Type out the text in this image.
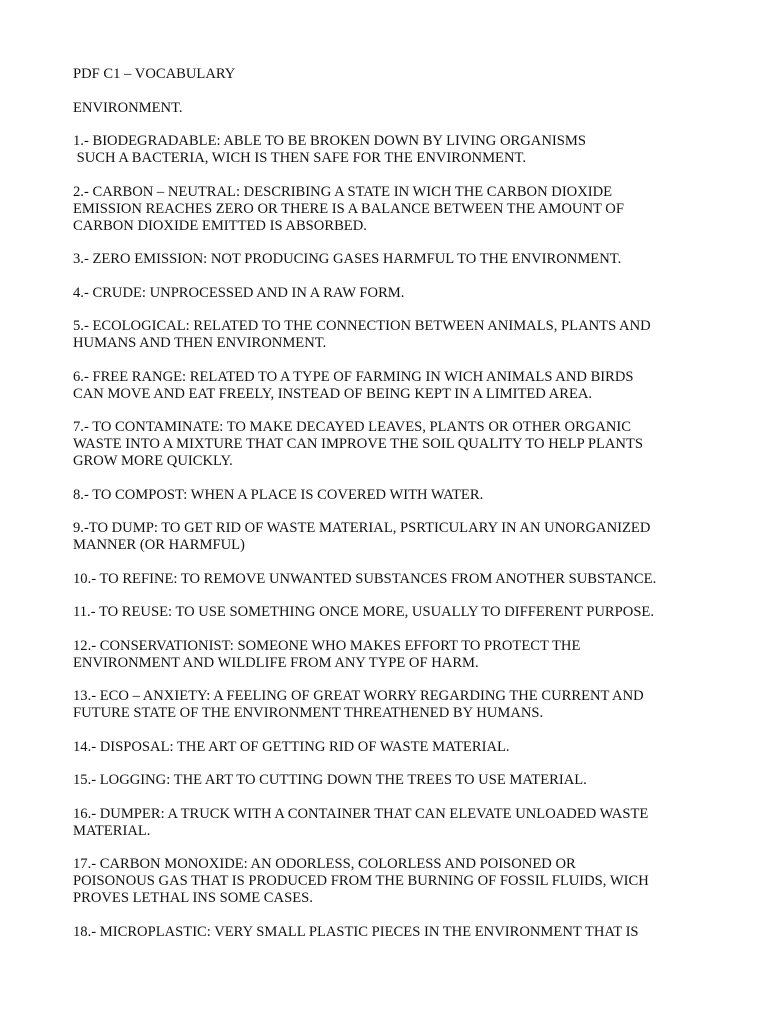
PDF C1 – VOCABULARY
ENVIRONMENT.
1.- BIODEGRADABLE: ABLE TO BE BROKEN DOWN BY LIVING ORGANISMS
SUCH A BACTERIA, WICH IS THEN SAFE FOR THE ENVIRONMENT.
2.- CARBON – NEUTRAL: DESCRIBING A STATE IN WICH THE CARBON DIOXIDE
EMISSION REACHES ZERO OR THERE IS A BALANCE BETWEEN THE AMOUNT OF
CARBON DIOXIDE EMITTED IS ABSORBED.
3.- ZERO EMISSION: NOT PRODUCING GASES HARMFUL TO THE ENVIRONMENT.
4.- CRUDE: UNPROCESSED AND IN A RAW FORM.
5.- ECOLOGICAL: RELATED TO THE CONNECTION BETWEEN ANIMALS, PLANTS AND
HUMANS AND THEN ENVIRONMENT.
6.- FREE RANGE: RELATED TO A TYPE OF FARMING IN WICH ANIMALS AND BIRDS
CAN MOVE AND EAT FREELY, INSTEAD OF BEING KEPT IN A LIMITED AREA.
7.- TO CONTAMINATE: TO MAKE DECAYED LEAVES, PLANTS OR OTHER ORGANIC
WASTE INTO A MIXTURE THAT CAN IMPROVE THE SOIL QUALITY TO HELP PLANTS
GROW MORE QUICKLY.
8.- TO COMPOST: WHEN A PLACE IS COVERED WITH WATER.
9.-TO DUMP: TO GET RID OF WASTE MATERIAL, PSRTICULARY IN AN UNORGANIZED
MANNER (OR HARMFUL)
10.- TO REFINE: TO REMOVE UNWANTED SUBSTANCES FROM ANOTHER SUBSTANCE.
11.- TO REUSE: TO USE SOMETHING ONCE MORE, USUALLY TO DIFFERENT PURPOSE.
12.- CONSERVATIONIST: SOMEONE WHO MAKES EFFORT TO PROTECT THE
ENVIRONMENT AND WILDLIFE FROM ANY TYPE OF HARM.
13.- ECO – ANXIETY: A FEELING OF GREAT WORRY REGARDING THE CURRENT AND
FUTURE STATE OF THE ENVIRONMENT THREATHENED BY HUMANS.
14.- DISPOSAL: THE ART OF GETTING RID OF WASTE MATERIAL.
15.- LOGGING: THE ART TO CUTTING DOWN THE TREES TO USE MATERIAL.
16.- DUMPER: A TRUCK WITH A CONTAINER THAT CAN ELEVATE UNLOADED WASTE
MATERIAL.
17.- CARBON MONOXIDE: AN ODORLESS, COLORLESS AND POISONED OR
POISONOUS GAS THAT IS PRODUCED FROM THE BURNING OF FOSSIL FLUIDS, WICH
PROVES LETHAL INS SOME CASES.
18.- MICROPLASTIC: VERY SMALL PLASTIC PIECES IN THE ENVIRONMENT THAT IS
